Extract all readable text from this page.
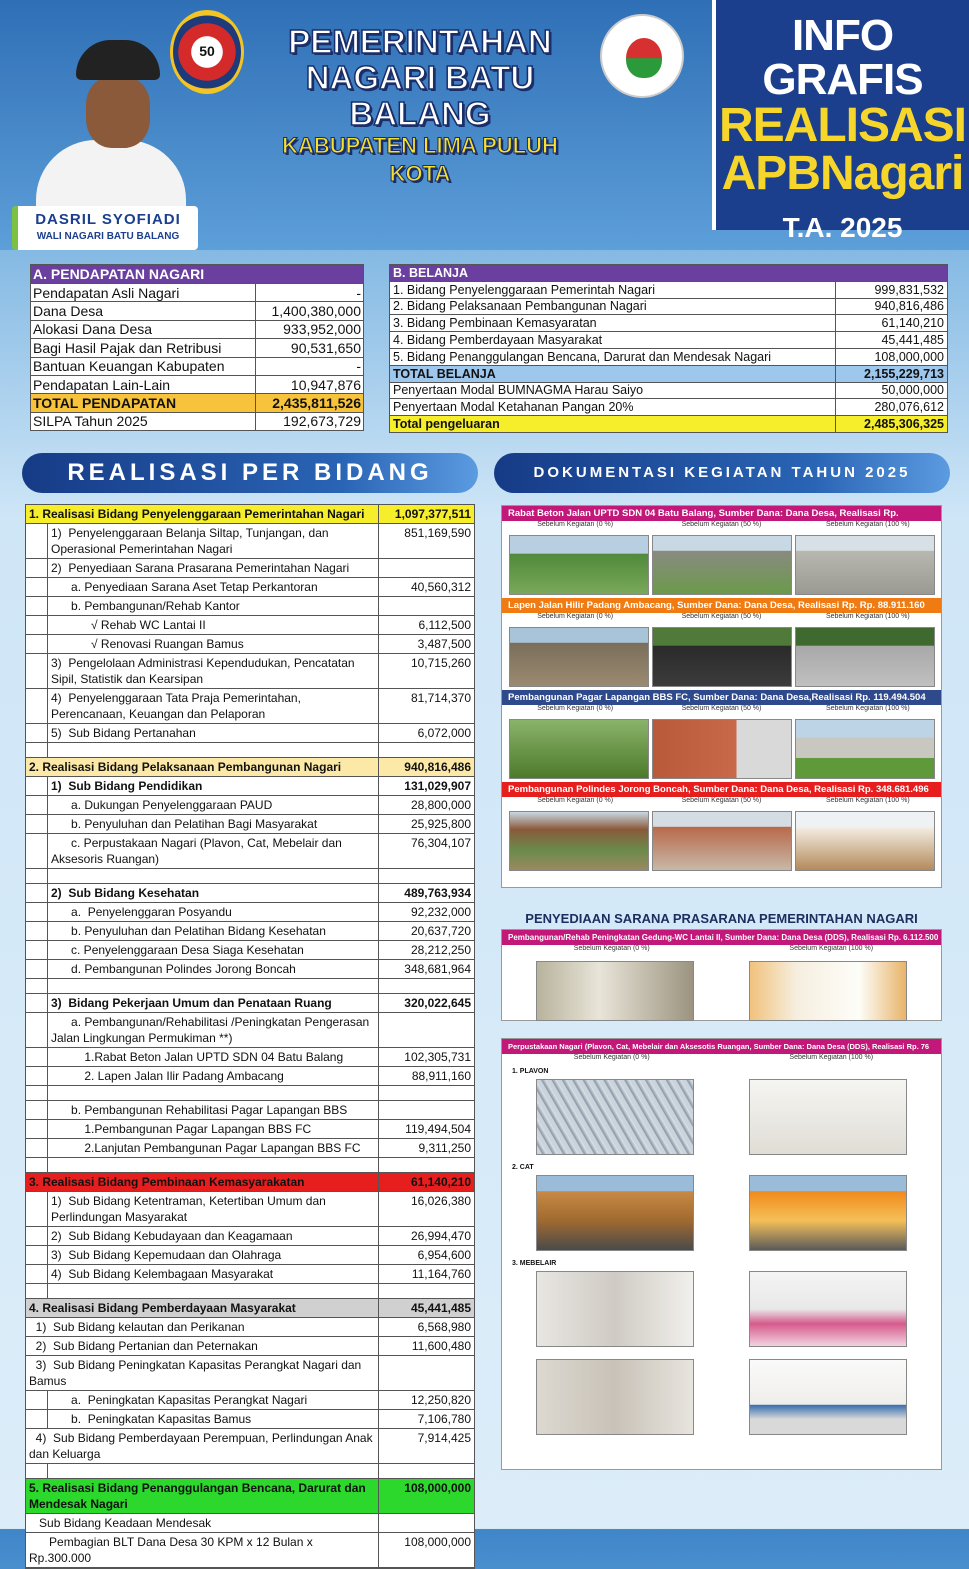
DASRIL SYOFIADI
WALI NAGARI BATU BALANG
50	PEMERINTAHAN
NAGARI BATU BALANG
KABUPATEN LIMA PULUH KOTA
INFO GRAFIS
REALISASI
APBNagari
T.A. 2025
A. PENDAPATAN NAGARI	
Pendapatan Asli Nagari	-
Dana Desa	1,400,380,000
Alokasi Dana Desa	933,952,000
Bagi Hasil Pajak dan Retribusi	90,531,650
Bantuan Keuangan Kabupaten	-
Pendapatan Lain-Lain	10,947,876
TOTAL PENDAPATAN	2,435,811,526
SILPA Tahun 2025	192,673,729
B. BELANJA	
1. Bidang Penyelenggaraan Pemerintah Nagari	999,831,532
2. Bidang Pelaksanaan Pembangunan Nagari	940,816,486
3. Bidang Pembinaan Kemasyaratan	61,140,210
4. Bidang Pemberdayaan Masyarakat	45,441,485
5. Bidang Penanggulangan Bencana, Darurat dan Mendesak Nagari	108,000,000
TOTAL BELANJA	2,155,229,713
Penyertaan Modal BUMNAGMA Harau Saiyo	50,000,000
Penyertaan Modal Ketahanan Pangan 20%	280,076,612
Total pengeluaran	2,485,306,325
REALISASI PER BIDANG	DOKUMENTASI KEGIATAN TAHUN 2025
1. Realisasi Bidang Penyelenggaraan Pemerintahan Nagari	1,097,377,511
1)  Penyelenggaraan Belanja Siltap, Tunjangan, dan Operasional Pemerintahan Nagari
851,169,590
2)  Penyediaan Sarana Prasarana Pemerintahan Nagari
a. Penyediaan Sarana Aset Tetap Perkantoran	40,560,312
b. Pembangunan/Rehab Kantor
√ Rehab WC Lantai II	6,112,500
√ Renovasi Ruangan Bamus	3,487,500
3)  Pengelolaan Administrasi Kependudukan, Pencatatan Sipil, Statistik dan Kearsipan
10,715,260
4)  Penyelenggaraan Tata Praja Pemerintahan, Perencanaan, Keuangan dan Pelaporan
81,714,370
5)  Sub Bidang Pertanahan	6,072,000
2. Realisasi Bidang Pelaksanaan Pembangunan Nagari	940,816,486
1)  Sub Bidang Pendidikan	131,029,907
a. Dukungan Penyelenggaraan PAUD	28,800,000
b. Penyuluhan dan Pelatihan Bagi Masyarakat	25,925,800
c. Perpustakaan Nagari (Plavon, Cat, Mebelair dan Aksesoris Ruangan)
76,304,107
2)  Sub Bidang Kesehatan	489,763,934
a.  Penyelenggaran Posyandu	92,232,000
b. Penyuluhan dan Pelatihan Bidang Kesehatan	20,637,720
c. Penyelenggaraan Desa Siaga Kesehatan	28,212,250
d. Pembangunan Polindes Jorong Boncah	348,681,964
3)  Bidang Pekerjaan Umum dan Penataan Ruang	320,022,645
a. Pembangunan/Rehabilitasi /Peningkatan Pengerasan Jalan Lingkungan Permukiman **)
1.Rabat Beton Jalan UPTD SDN 04 Batu Balang	102,305,731
2. Lapen Jalan Ilir Padang Ambacang	88,911,160
b. Pembangunan Rehabilitasi Pagar Lapangan BBS
1.Pembangunan Pagar Lapangan BBS FC	119,494,504
2.Lanjutan Pembangunan Pagar Lapangan BBS FC	9,311,250
3. Realisasi Bidang Pembinaan Kemasyarakatan	61,140,210
1)  Sub Bidang Ketentraman, Ketertiban Umum dan Perlindungan Masyarakat
16,026,380
2)  Sub Bidang Kebudayaan dan Keagamaan	26,994,470
3)  Sub Bidang Kepemudaan dan Olahraga	6,954,600
4)  Sub Bidang Kelembagaan Masyarakat	11,164,760
4. Realisasi Bidang Pemberdayaan Masyarakat	45,441,485
1)  Sub Bidang kelautan dan Perikanan	6,568,980
2)  Sub Bidang Pertanian dan Peternakan	11,600,480
3)  Sub Bidang Peningkatan Kapasitas Perangkat Nagari dan Bamus
a.  Peningkatan Kapasitas Perangkat Nagari	12,250,820
b.  Peningkatan Kapasitas Bamus	7,106,780
4)  Sub Bidang Pemberdayaan Perempuan, Perlindungan Anak dan Keluarga
7,914,425
5. Realisasi Bidang Penanggulangan Bencana, Darurat dan Mendesak Nagari
108,000,000
Sub Bidang Keadaan Mendesak
Pembagian BLT Dana Desa 30 KPM x 12 Bulan x Rp.300.000
108,000,000
Rabat Beton Jalan UPTD SDN 04 Batu Balang, Sumber Dana: Dana Desa, Realisasi Rp. 102.305.731
Sebelum Kegiatan (0 %)	Sebelum Kegiatan (50 %)	Sebelum Kegiatan (100 %)
Lapen Jalan Hilir Padang Ambacang, Sumber Dana: Dana Desa, Realisasi Rp. Rp. 88.911.160
Sebelum Kegiatan (0 %)	Sebelum Kegiatan (50 %)	Sebelum Kegiatan (100 %)
Pembangunan Pagar Lapangan BBS FC, Sumber Dana: Dana Desa,Realisasi Rp. 119.494.504
Sebelum Kegiatan (0 %)	Sebelum Kegiatan (50 %)	Sebelum Kegiatan (100 %)
Pembangunan Polindes Jorong Boncah, Sumber Dana: Dana Desa, Realisasi Rp. 348.681.496
Sebelum Kegiatan (0 %)	Sebelum Kegiatan (50 %)	Sebelum Kegiatan (100 %)
PENYEDIAAN SARANA PRASARANA PEMERINTAHAN NAGARI
Pembangunan/Rehab Peningkatan Gedung-WC Lantai II, Sumber Dana: Dana Desa (DDS), Realisasi Rp. 6.112.500
Sebelum Kegiatan (0 %)	Sebelum Kegiatan (100 %)
Perpustakaan Nagari (Plavon, Cat, Mebelair dan Aksesotis Ruangan, Sumber Dana: Dana Desa (DDS), Realisasi Rp. 76
Sebelum Kegiatan (0 %)	Sebelum Kegiatan (100 %)
1. PLAVON
2. CAT
3. MEBELAIR
